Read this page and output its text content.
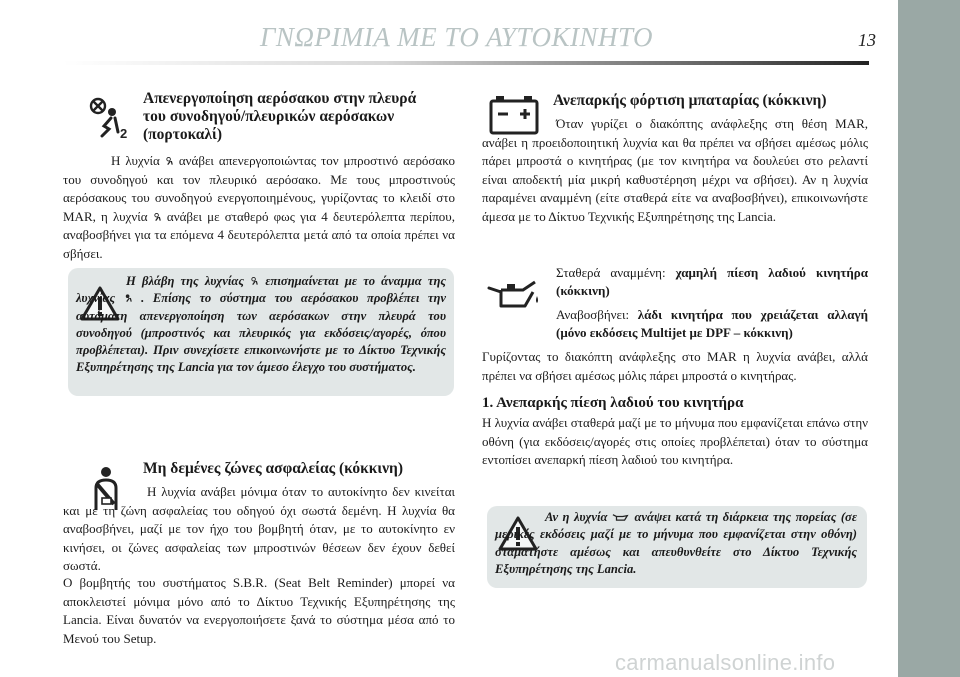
ΓΝΩΡΙΜΙΑ ΜΕ ΤΟ ΑΥΤΟΚΙΝΗΤΟ	13
2

Απενεργοποίηση αερόσακου στην πλευρά του συνοδηγού/πλευρικών αερόσακων (πορτοκαλί)

Η λυχνία ανάβει απενεργοποιώντας τον μπροστινό αερόσακο του συνοδηγού και τον πλευρικό αερόσακο. Με τους μπροστινούς αερόσακους του συνοδηγού ενεργοποιημένους, γυρίζοντας το κλειδί στο MAR, η λυχνία ανάβει με σταθερό φως για 4 δευτερόλεπτα περίπου, αναβοσβήνει για τα επόμενα 4 δευτερόλεπτα μετά από τα οποία πρέπει να σβήσει.

Η βλάβη της λυχνίας επισημαίνεται με το άναμμα της λυχνίας . Επίσης το σύστημα του αερόσακου προβλέπει την αυτόματη απενεργοποίηση των αερόσακων στην πλευρά του συνοδηγού (μπροστινός και πλευρικός για εκδόσεις/αγορές, όπου προβλέπεται). Πριν συνεχίσετε επικοινωνήστε με το Δίκτυο Τεχνικής Εξυπηρέτησης της Lancia για τον άμεσο έλεγχο του συστήματος.

Μη δεμένες ζώνες ασφαλείας (κόκκινη)

Η λυχνία ανάβει μόνιμα όταν το αυτοκίνητο δεν κινείται και με τη ζώνη ασφαλείας του οδηγού όχι σωστά δεμένη. Η λυχνία θα αναβοσβήνει, μαζί με τον ήχο του βομβητή όταν, με το αυτοκίνητο εν κινήσει, οι ζώνες ασφαλείας των μπροστινών θέσεων δεν έχουν δεθεί σωστά.

Ο βομβητής του συστήματος S.B.R. (Seat Belt Reminder) μπορεί να αποκλειστεί μόνιμα μόνο από το Δίκτυο Τεχνικής Εξυπηρέτησης της Lancia. Είναι δυνατόν να ενεργοποιήσετε ξανά το σύστημα μέσα από το Μενού του Setup.

Ανεπαρκής φόρτιση μπαταρίας (κόκκινη)

Όταν γυρίζει ο διακόπτης ανάφλεξης στη θέση MAR, ανάβει η προειδοποιητική λυχνία και θα πρέπει να σβήσει αμέσως μόλις πάρει μπροστά ο κινητήρας (με τον κινητήρα να δουλεύει στο ρελαντί είναι αποδεκτή μία μικρή καθυστέρηση μέχρι να σβήσει). Αν η λυχνία παραμένει αναμμένη (είτε σταθερά είτε να αναβοσβήνει), επικοινωνήστε άμεσα με το Δίκτυο Τεχνικής Εξυπηρέτησης της Lancia.

Σταθερά αναμμένη: χαμηλή πίεση λαδιού κινητήρα (κόκκινη)

Αναβοσβήνει: λάδι κινητήρα που χρειάζεται αλλαγή (μόνο εκδόσεις Multijet με DPF – κόκκινη)

Γυρίζοντας το διακόπτη ανάφλεξης στο MAR η λυχνία ανάβει, αλλά πρέπει να σβήσει αμέσως μόλις πάρει μπροστά ο κινητήρας.

1. Ανεπαρκής πίεση λαδιού του κινητήρα

Η λυχνία ανάβει σταθερά μαζί με το μήνυμα που εμφανίζεται επάνω στην οθόνη (για εκδόσεις/αγορές στις οποίες προβλέπεται) όταν το σύστημα εντοπίσει ανεπαρκή πίεση λαδιού του κινητήρα.

Αν η λυχνία ανάψει κατά τη διάρκεια της πορείας (σε μερικές εκδόσεις μαζί με το μήνυμα που εμφανίζεται στην οθόνη) σταματήστε αμέσως και απευθυνθείτε στο Δίκτυο Τεχνικής Εξυπηρέτησης της Lancia.

carmanualsonline.info
